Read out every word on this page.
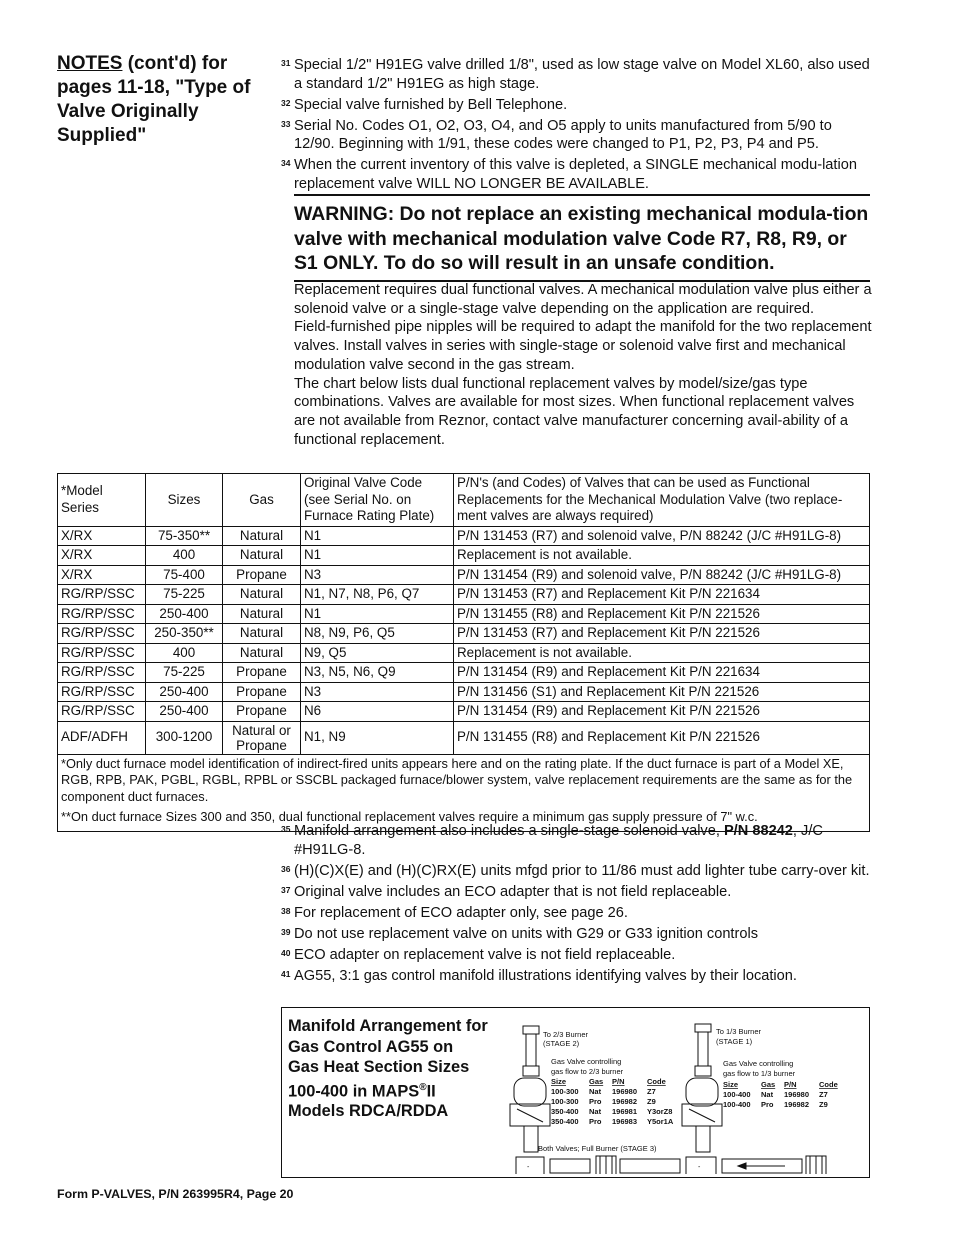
NOTES (cont'd) for pages 11-18, "Type of Valve Originally Supplied"
31 Special 1/2" H91EG valve drilled 1/8", used as low stage valve on Model XL60, also used a standard 1/2" H91EG as high stage.
32 Special valve furnished by Bell Telephone.
33 Serial No. Codes O1, O2, O3, O4, and O5 apply to units manufactured from 5/90 to 12/90. Beginning with 1/91, these codes were changed to P1, P2, P3, P4 and P5.
34 When the current inventory of this valve is depleted, a SINGLE mechanical modu-lation replacement valve WILL NO LONGER BE AVAILABLE.
WARNING: Do not replace an existing mechanical modula-tion valve with mechanical modulation valve Code R7, R8, R9, or S1 ONLY. To do so will result in an unsafe condition.

Replacement requires dual functional valves. A mechanical modulation valve plus either a solenoid valve or a single-stage valve depending on the application are required.

Field-furnished pipe nipples will be required to adapt the manifold for the two replacement valves. Install valves in series with single-stage or solenoid valve first and mechanical modulation valve second in the gas stream.

The chart below lists dual functional replacement valves by model/size/gas type combinations. Valves are available for most sizes. When functional replacement valves are not available from Reznor, contact valve manufacturer concerning avail-ability of a functional replacement.

*Model Series	Sizes	Gas	Original Valve Code (see Serial No. on Furnace Rating Plate)	P/N's (and Codes) of Valves that can be used as Functional Replacements for the Mechanical Modulation Valve (two replace-ment valves are always required)
X/RX	75-350**	Natural	N1	P/N 131453 (R7) and solenoid valve, P/N 88242 (J/C #H91LG-8)
X/RX	400	Natural	N1	Replacement is not available.
X/RX	75-400	Propane	N3	P/N 131454 (R9) and solenoid valve, P/N 88242 (J/C #H91LG-8)
RG/RP/SSC	75-225	Natural	N1, N7, N8, P6, Q7	P/N 131453 (R7) and Replacement Kit P/N 221634
RG/RP/SSC	250-400	Natural	N1	P/N 131455 (R8) and Replacement Kit P/N 221526
RG/RP/SSC	250-350**	Natural	N8, N9, P6, Q5	P/N 131453 (R7) and Replacement Kit P/N 221526
RG/RP/SSC	400	Natural	N9, Q5	Replacement is not available.
RG/RP/SSC	75-225	Propane	N3, N5, N6, Q9	P/N 131454 (R9) and Replacement Kit P/N 221634
RG/RP/SSC	250-400	Propane	N3	P/N 131456 (S1) and Replacement Kit P/N 221526
RG/RP/SSC	250-400	Propane	N6	P/N 131454 (R9) and Replacement Kit P/N 221526
ADF/ADFH	300-1200	Natural or Propane	N1, N9	P/N 131455 (R8) and Replacement Kit P/N 221526
*Only duct furnace model identification of indirect-fired units appears here and on the rating plate. If the duct furnace is part of a Model XE, RGB, RPB, PAK, PGBL, RGBL, RPBL or SSCBL packaged furnace/blower system, valve replacement requirements are the same as for the component duct furnaces.				
**On duct furnace Sizes 300 and 350, dual functional replacement valves require a minimum gas supply pressure of 7" w.c.				
35 Manifold arrangement also includes a single-stage solenoid valve, P/N 88242, J/C #H91LG-8.
36 (H)(C)X(E) and (H)(C)RX(E) units mfgd prior to 11/86 must add lighter tube carry-over kit.
37 Original valve includes an ECO adapter that is not field replaceable.
38 For replacement of ECO adapter only, see page 26.
39 Do not use replacement valve on units with G29 or G33 ignition controls
40 ECO adapter on replacement valve is not field replaceable.
41 AG55, 3:1 gas control manifold illustrations identifying valves by their location.
Manifold Arrangement for Gas Control AG55 on Gas Heat Section Sizes 100-400 in MAPS®II Models RDCA/RDDA
-	-
To 2/3 Burner
(STAGE 2)
Gas Valve controlling
gas flow to 2/3 burner
Size	Gas P/N	Code
100-300 Nat 196980 Z7
100-300 Pro 196982 Z9
350-400 Nat 196981 Y3orZ8
350-400 Pro 196983 Y5or1A
To 1/3 Burner
(STAGE 1)
Gas Valve controlling
gas flow to 1/3 burner
Size	Gas P/N	Code
100-400 Nat 196980 Z7
100-400 Pro 196982 Z9
Both Valves; Full Burner (STAGE 3)
Form P-VALVES, P/N 263995R4, Page 20
